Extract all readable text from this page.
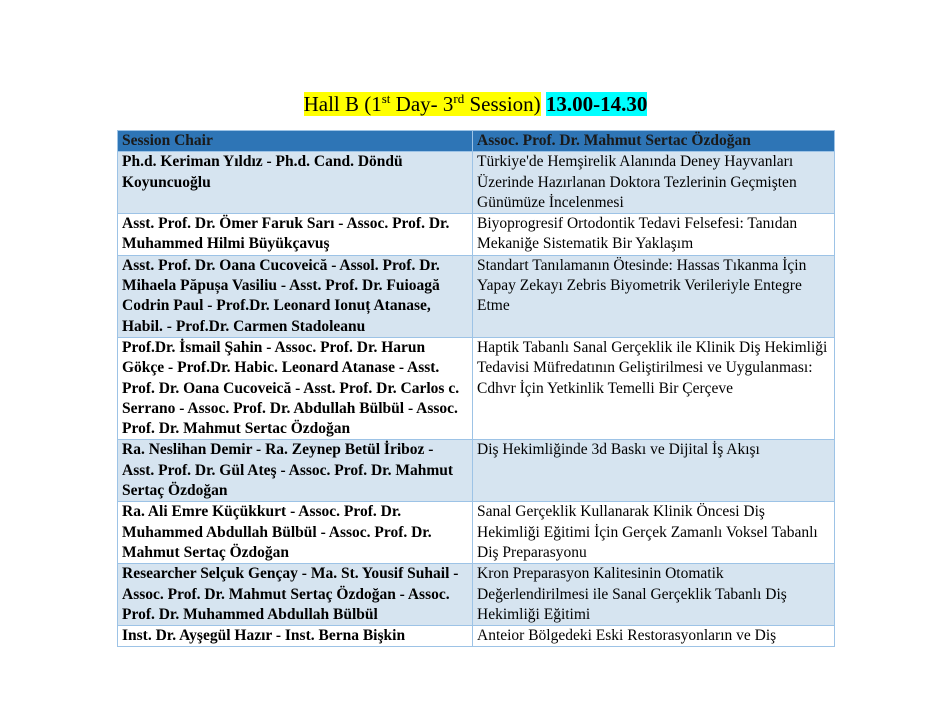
Hall B (1st Day- 3rd Session) 13.00-14.30
Session Chair	Assoc. Prof. Dr. Mahmut Sertac Özdoğan
Ph.d. Keriman Yıldız - Ph.d. Cand. Döndü Koyuncuoğlu	Türkiye'de Hemşirelik Alanında Deney Hayvanları Üzerinde Hazırlanan Doktora Tezlerinin Geçmişten Günümüze İncelenmesi
Asst. Prof. Dr. Ömer Faruk Sarı - Assoc. Prof. Dr. Muhammed Hilmi Büyükçavuş	Biyoprogresif Ortodontik Tedavi Felsefesi: Tanıdan Mekaniğe Sistematik Bir Yaklaşım
Asst. Prof. Dr. Oana Cucoveică - Assol. Prof. Dr. Mihaela Păpușa Vasiliu - Asst. Prof. Dr. Fuioagă Codrin Paul - Prof.Dr. Leonard Ionuț Atanase, Habil. - Prof.Dr. Carmen Stadoleanu	Standart Tanılamanın Ötesinde: Hassas Tıkanma İçin Yapay Zekayı Zebris Biyometrik Verileriyle Entegre Etme
Prof.Dr. İsmail Şahin - Assoc. Prof. Dr. Harun Gökçe - Prof.Dr. Habic. Leonard Atanase - Asst. Prof. Dr. Oana Cucoveică - Asst. Prof. Dr. Carlos c. Serrano - Assoc. Prof. Dr. Abdullah Bülbül - Assoc. Prof. Dr. Mahmut Sertac Özdoğan	Haptik Tabanlı Sanal Gerçeklik ile Klinik Diş Hekimliği Tedavisi Müfredatının Geliştirilmesi ve Uygulanması: Cdhvr İçin Yetkinlik Temelli Bir Çerçeve
Ra. Neslihan Demir - Ra. Zeynep Betül İriboz - Asst. Prof. Dr. Gül Ateş - Assoc. Prof. Dr. Mahmut Sertaç Özdoğan	Diş Hekimliğinde 3d Baskı ve Dijital İş Akışı
Ra. Ali Emre Küçükkurt - Assoc. Prof. Dr. Muhammed Abdullah Bülbül - Assoc. Prof. Dr. Mahmut Sertaç Özdoğan	Sanal Gerçeklik Kullanarak Klinik Öncesi Diş Hekimliği Eğitimi İçin Gerçek Zamanlı Voksel Tabanlı Diş Preparasyonu
Researcher Selçuk Gençay - Ma. St. Yousif Suhail - Assoc. Prof. Dr. Mahmut Sertaç Özdoğan - Assoc. Prof. Dr. Muhammed Abdullah Bülbül	Kron Preparasyon Kalitesinin Otomatik Değerlendirilmesi ile Sanal Gerçeklik Tabanlı Diş Hekimliği Eğitimi
Inst. Dr. Ayşegül Hazır - Inst. Berna Bişkin	Anteior Bölgedeki Eski Restorasyonların ve Diş
